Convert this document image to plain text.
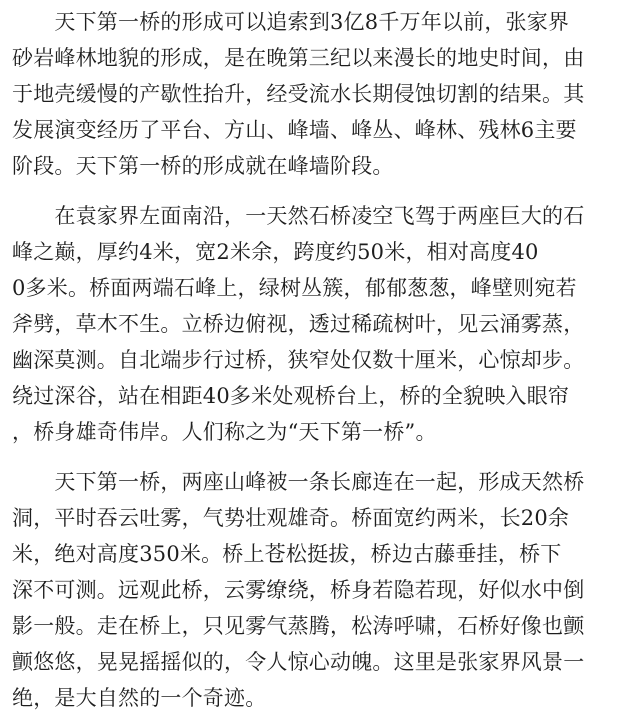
　　天下第一桥的形成可以追索到3亿8千万年以前，张家界
砂岩峰林地貌的形成，是在晚第三纪以来漫长的地史时间，由
于地壳缓慢的产歇性抬升，经受流水长期侵蚀切割的结果。其
发展演变经历了平台、方山、峰墙、峰丛、峰林、残林6主要
阶段。天下第一桥的形成就在峰墙阶段。
　　在袁家界左面南沿，一天然石桥凌空飞驾于两座巨大的石
峰之巅，厚约4米，宽2米余，跨度约50米，相对高度40
0多米。桥面两端石峰上，绿树丛簇，郁郁葱葱，峰壁则宛若
斧劈，草木不生。立桥边俯视，透过稀疏树叶，见云涌雾蒸，
幽深莫测。自北端步行过桥，狭窄处仅数十厘米，心惊却步。
绕过深谷，站在相距40多米处观桥台上，桥的全貌映入眼帘
，桥身雄奇伟岸。人们称之为“天下第一桥”。
　　天下第一桥，两座山峰被一条长廊连在一起，形成天然桥
洞，平时吞云吐雾，气势壮观雄奇。桥面宽约两米，长20余
米，绝对高度350米。桥上苍松挺拔，桥边古藤垂挂，桥下
深不可测。远观此桥，云雾缭绕，桥身若隐若现，好似水中倒
影一般。走在桥上，只见雾气蒸腾，松涛呼啸，石桥好像也颤
颤悠悠，晃晃摇摇似的，令人惊心动魄。这里是张家界风景一
绝，是大自然的一个奇迹。
